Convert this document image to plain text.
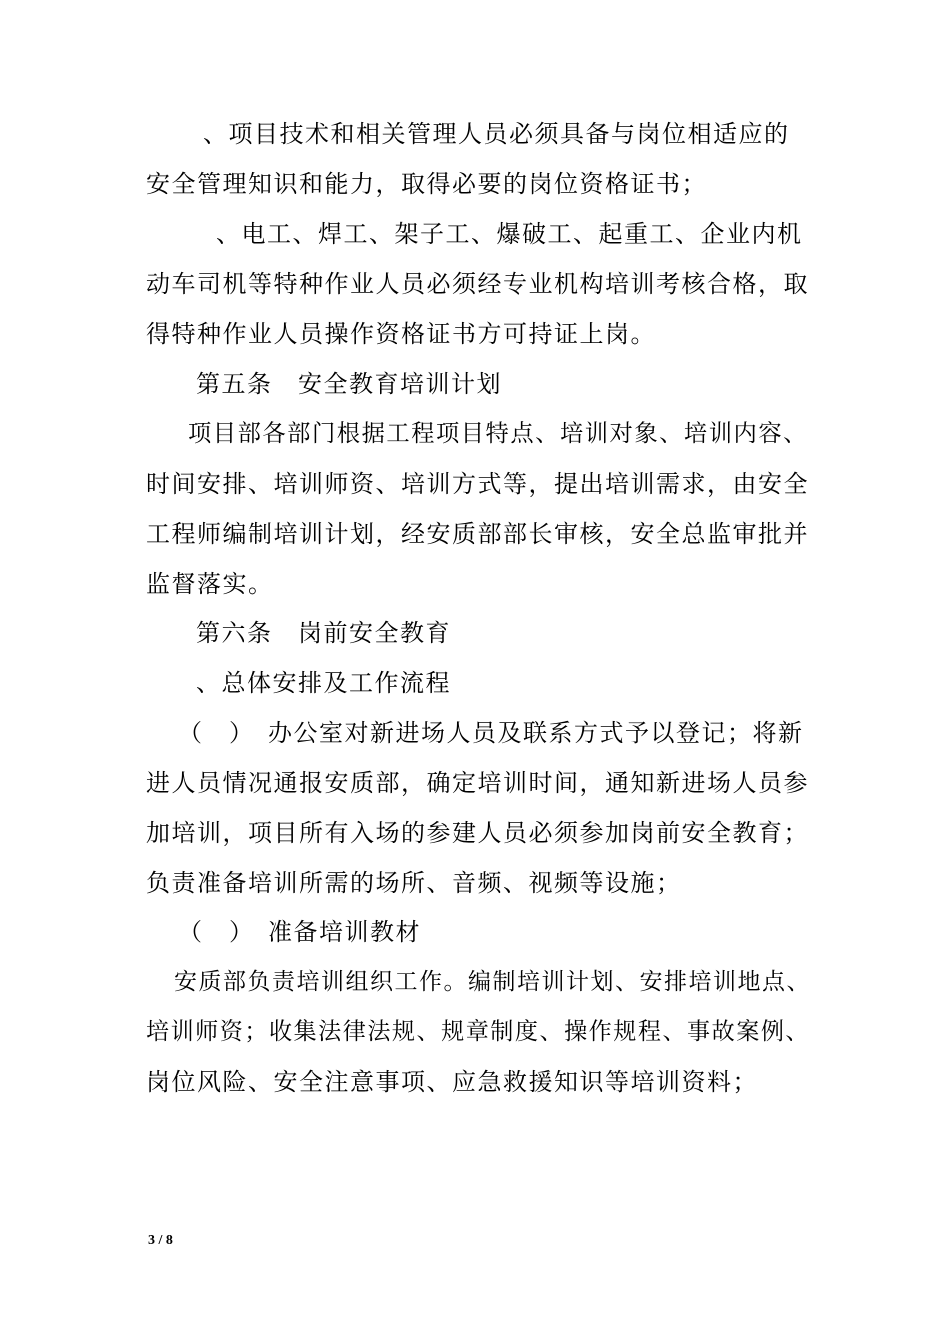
、项目技术和相关管理人员必须具备与岗位相适应的
安全管理知识和能力，取得必要的岗位资格证书；
、电工、焊工、架子工、爆破工、起重工、企业内机
动车司机等特种作业人员必须经专业机构培训考核合格，取
得特种作业人员操作资格证书方可持证上岗。
第五条　安全教育培训计划
项目部各部门根据工程项目特点、培训对象、培训内容、
时间安排、培训师资、培训方式等，提出培训需求，由安全
工程师编制培训计划，经安质部部长审核，安全总监审批并
监督落实。
第六条　岗前安全教育
、总体安排及工作流程
（　）　办公室对新进场人员及联系方式予以登记；将新
进人员情况通报安质部，确定培训时间，通知新进场人员参
加培训，项目所有入场的参建人员必须参加岗前安全教育；
负责准备培训所需的场所、音频、视频等设施；
（　）　准备培训教材
安质部负责培训组织工作。编制培训计划、安排培训地点、
培训师资；收集法律法规、规章制度、操作规程、事故案例、
岗位风险、安全注意事项、应急救援知识等培训资料；
3 / 8
